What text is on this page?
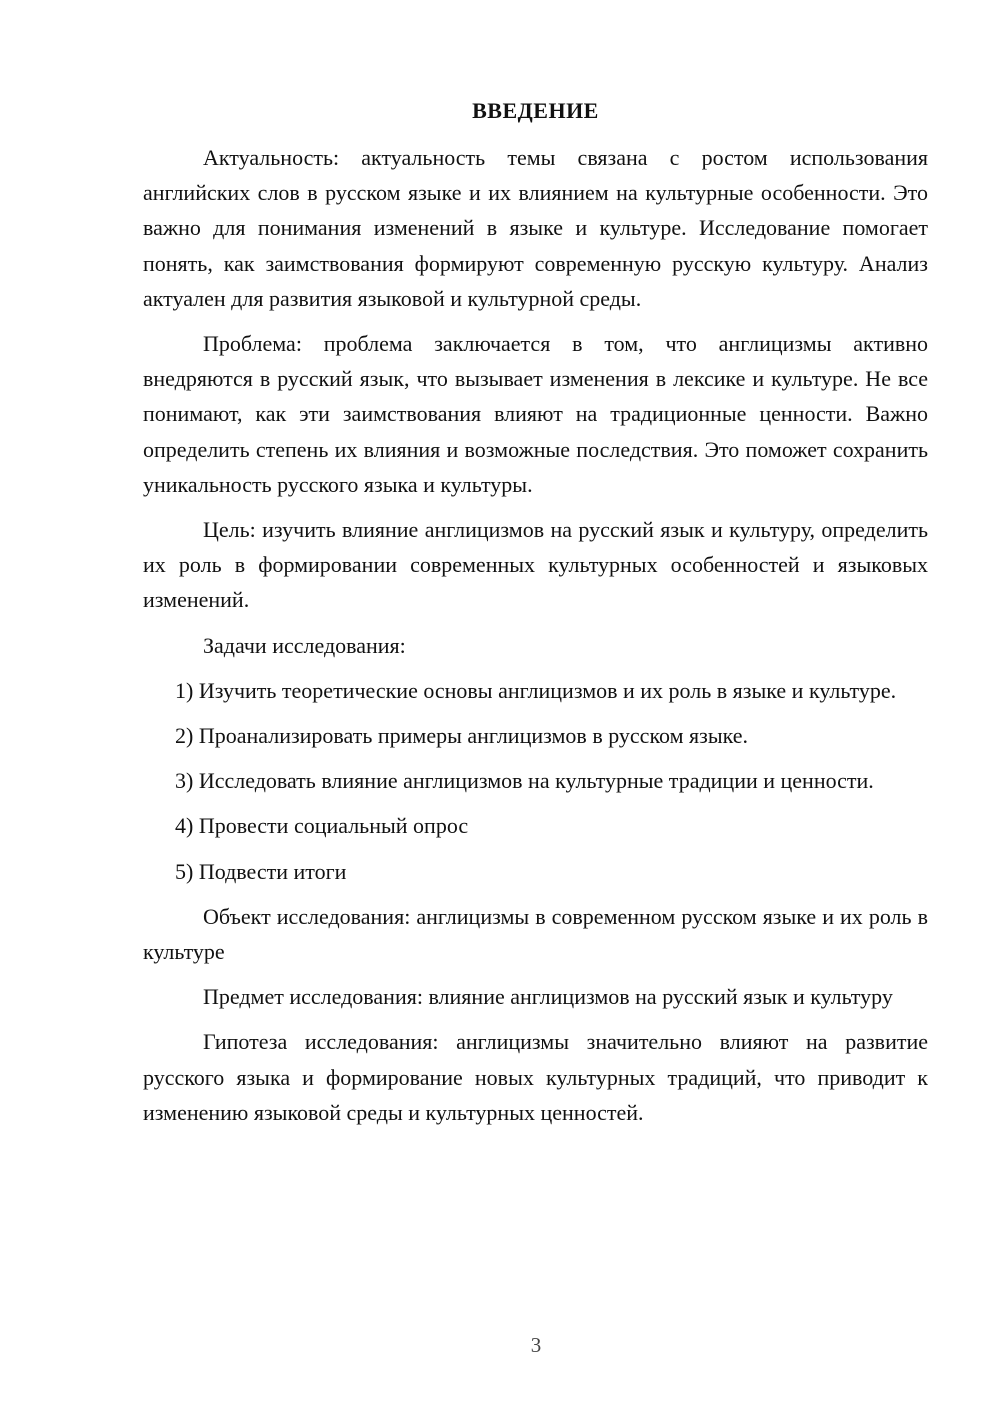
ВВЕДЕНИЕ

Актуальность: актуальность темы связана с ростом использования английских слов в русском языке и их влиянием на культурные особенности. Это важно для понимания изменений в языке и культуре. Исследование помогает понять, как заимствования формируют современную русскую культуру. Анализ актуален для развития языковой и культурной среды.

Проблема: проблема заключается в том, что англицизмы активно внедряются в русский язык, что вызывает изменения в лексике и культуре. Не все понимают, как эти заимствования влияют на традиционные ценности. Важно определить степень их влияния и возможные последствия. Это поможет сохранить уникальность русского языка и культуры.

Цель: изучить влияние англицизмов на русский язык и культуру, определить их роль в формировании современных культурных особенностей и языковых изменений.

Задачи исследования:

1) Изучить теоретические основы англицизмов и их роль в языке и культуре.

2) Проанализировать примеры англицизмов в русском языке.

3) Исследовать влияние англицизмов на культурные традиции и ценности.

4) Провести социальный опрос

5) Подвести итоги

Объект исследования: англицизмы в современном русском языке и их роль в культуре

Предмет исследования: влияние англицизмов на русский язык и культуру

Гипотеза исследования: англицизмы значительно влияют на развитие русского языка и формирование новых культурных традиций, что приводит к изменению языковой среды и культурных ценностей.

3
